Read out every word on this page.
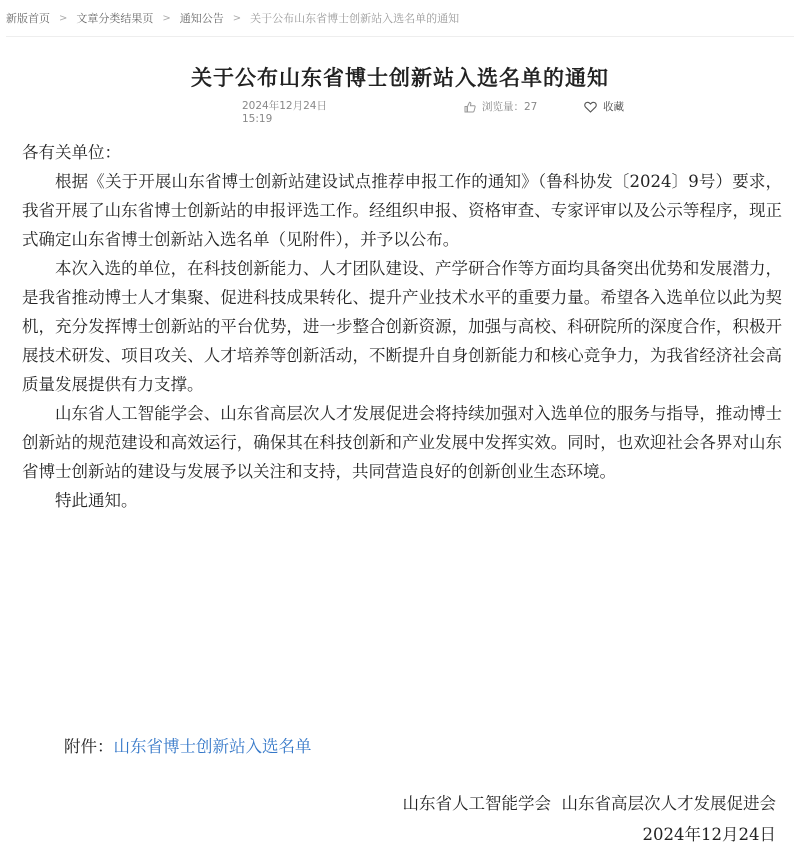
新版首页 > 文章分类结果页 > 通知公告 > 关于公布山东省博士创新站入选名单的通知
关于公布山东省博士创新站入选名单的通知
2024年12月24日
15:19
浏览量： 27	收藏

各有关单位：

根据《关于开展山东省博士创新站建设试点推荐申报工作的通知》（鲁科协发〔2024〕9号）要求，我省开展了山东省博士创新站的申报评选工作。经组织申报、资格审查、专家评审以及公示等程序，现正式确定山东省博士创新站入选名单（见附件），并予以公布。

本次入选的单位，在科技创新能力、人才团队建设、产学研合作等方面均具备突出优势和发展潜力，是我省推动博士人才集聚、促进科技成果转化、提升产业技术水平的重要力量。希望各入选单位以此为契机，充分发挥博士创新站的平台优势，进一步整合创新资源，加强与高校、科研院所的深度合作，积极开展技术研发、项目攻关、人才培养等创新活动，不断提升自身创新能力和核心竞争力，为我省经济社会高质量发展提供有力支撑。

山东省人工智能学会、山东省高层次人才发展促进会将持续加强对入选单位的服务与指导，推动博士创新站的规范建设和高效运行，确保其在科技创新和产业发展中发挥实效。同时，也欢迎社会各界对山东省博士创新站的建设与发展予以关注和支持，共同营造良好的创新创业生态环境。

特此通知。

附件：山东省博士创新站入选名单
山东省人工智能学会  山东省高层次人才发展促进会
2024年12月24日
